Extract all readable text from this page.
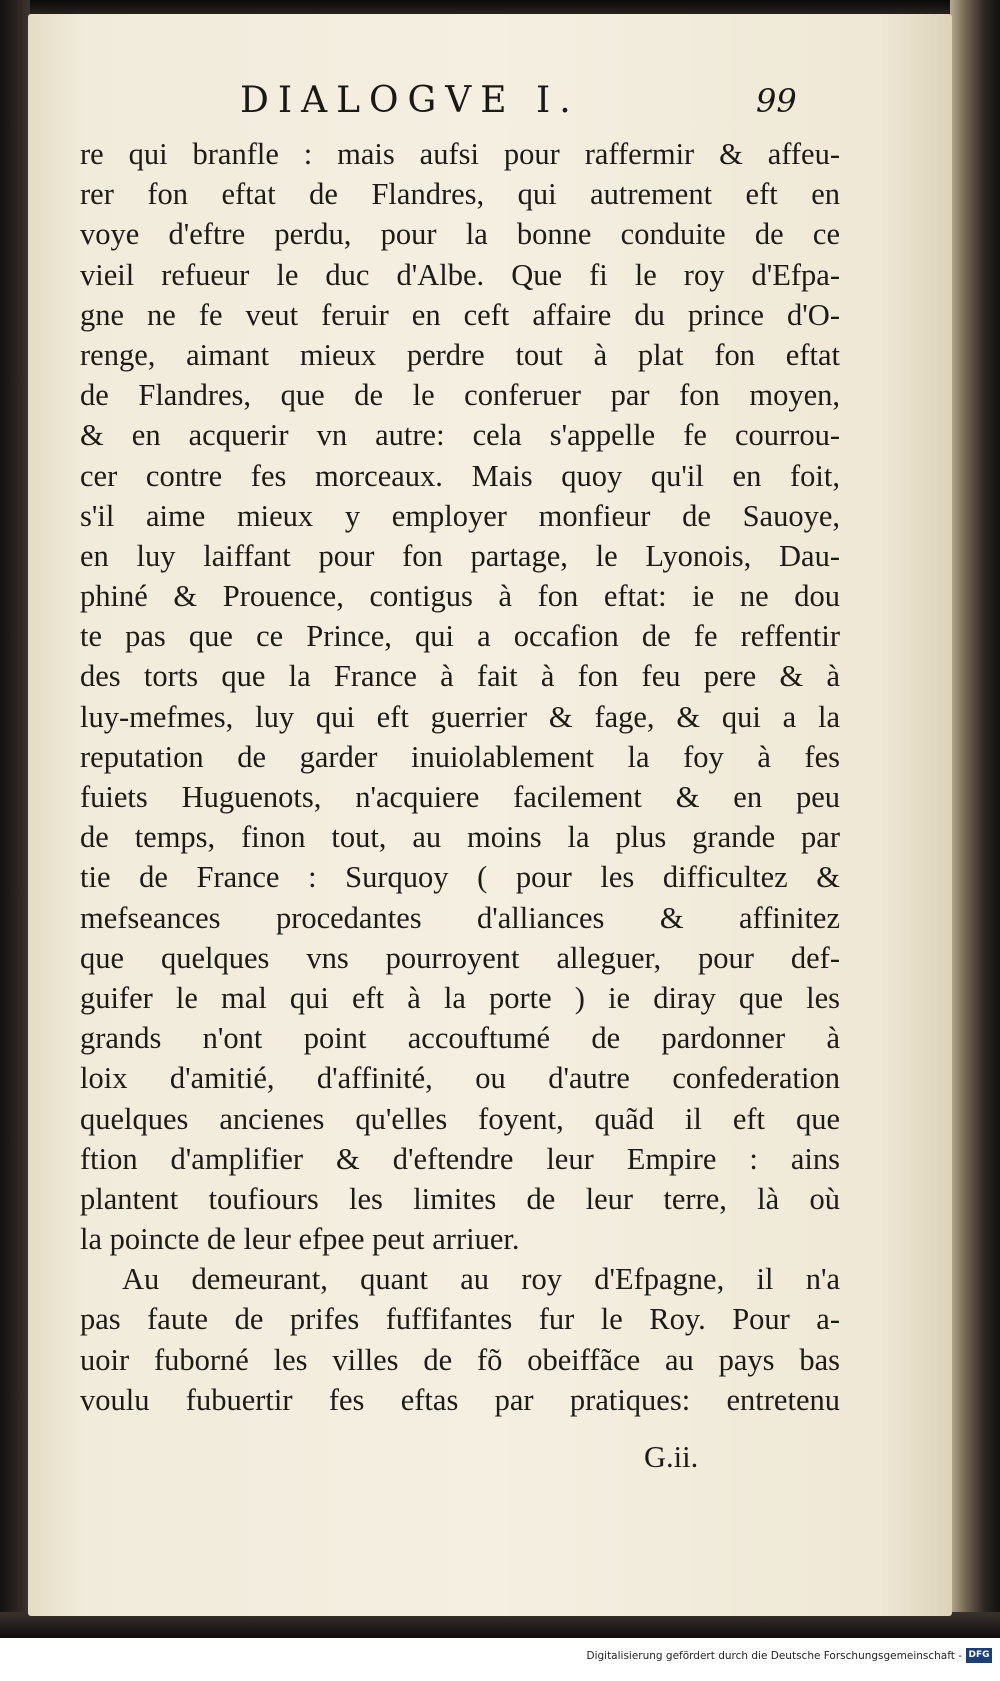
DIALOGVE I.	99
re qui branfle : mais aufsi pour raffermir & affeu-
rer fon eftat de Flandres, qui autrement eft en
voye d'eftre perdu, pour la bonne conduite de ce
vieil refueur le duc d'Albe. Que fi le roy d'Efpa-
gne ne fe veut feruir en ceft affaire du prince d'O-
renge, aimant mieux perdre tout à plat fon eftat
de Flandres, que de le conferuer par fon moyen,
& en acquerir vn autre: cela s'appelle fe courrou-
cer contre fes morceaux. Mais quoy qu'il en foit,
s'il aime mieux y employer monfieur de Sauoye,
en luy laiffant pour fon partage, le Lyonois, Dau-
phiné & Prouence, contigus à fon eftat: ie ne dou
te pas que ce Prince, qui a occafion de fe reffentir
des torts que la France à fait à fon feu pere & à
luy-mefmes, luy qui eft guerrier & fage, & qui a la
reputation de garder inuiolablement la foy à fes
fuiets Huguenots, n'acquiere facilement & en peu
de temps, finon tout, au moins la plus grande par
tie de France : Surquoy ( pour les difficultez &
mefseances procedantes d'alliances & affinitez
que quelques vns pourroyent alleguer, pour def-
guifer le mal qui eft à la porte ) ie diray que les
grands n'ont point accouftumé de pardonner à
loix d'amitié, d'affinité, ou d'autre confederation
quelques ancienes qu'elles foyent, quãd il eft que
ftion d'amplifier & d'eftendre leur Empire : ains
plantent toufiours les limites de leur terre, là où
la poincte de leur efpee peut arriuer.
Au demeurant, quant au roy d'Efpagne, il n'a
pas faute de prifes fuffifantes fur le Roy. Pour a-
uoir fuborné les villes de fõ obeiffãce au pays bas
voulu fubuertir fes eftas par pratiques: entretenu
G.ii.
Digitalisierung gefördert durch die Deutsche Forschungsgemeinschaft - DFG
